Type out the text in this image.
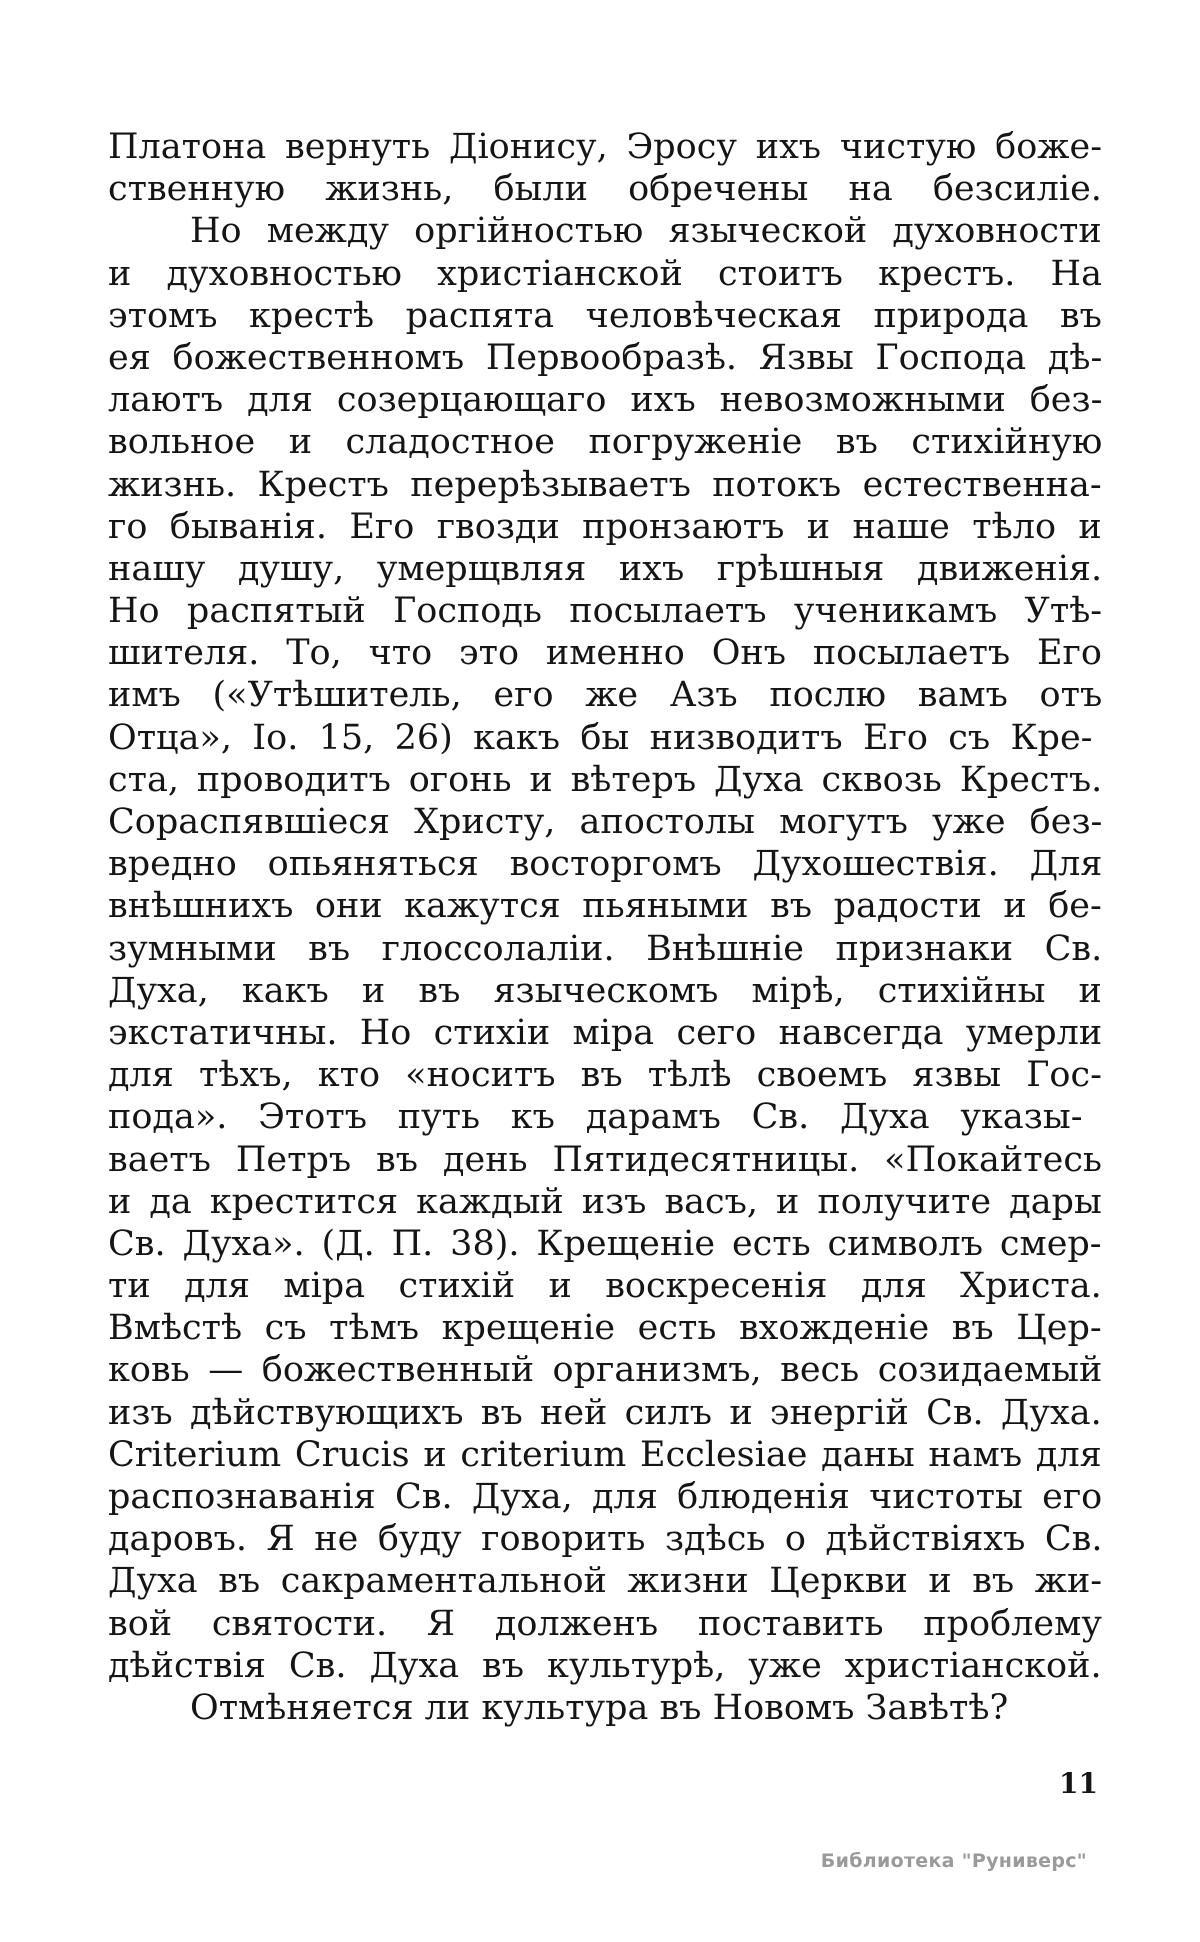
Платона вернуть Діонису, Эросу ихъ чистую боже-
ственную жизнь, были обречены на безсиліе.
Но между оргійностью языческой духовности
и духовностью христіанской стоитъ крестъ. На
этомъ крестѣ распята человѣческая природа въ
ея божественномъ Первообразѣ. Язвы Господа дѣ-
лаютъ для созерцающаго ихъ невозможными без-
вольное и сладостное погруженіе въ стихійную
жизнь. Крестъ перерѣзываетъ потокъ естественна-
го быванія. Его гвозди пронзаютъ и наше тѣло и
нашу душу, умерщвляя ихъ грѣшныя движенія.
Но распятый Господь посылаетъ ученикамъ Утѣ-
шителя. То, что это именно Онъ посылаетъ Его
имъ («Утѣшитель, его же Азъ послю вамъ отъ
Отца», Іо. 15, 26) какъ бы низводитъ Его съ Кре-
ста, проводитъ огонь и вѣтеръ Духа сквозь Крестъ.
Сораспявшіеся Христу, апостолы могутъ уже без-
вредно опьяняться восторгомъ Духошествія. Для
внѣшнихъ они кажутся пьяными въ радости и бе-
зумными въ глоссолаліи. Внѣшніе признаки Св.
Духа, какъ и въ языческомъ мірѣ, стихійны и
экстатичны. Но стихіи міра сего навсегда умерли
для тѣхъ, кто «носитъ въ тѣлѣ своемъ язвы Гос-
пода». Этотъ путь къ дарамъ Св. Духа указы-
ваетъ Петръ въ день Пятидесятницы. «Покайтесь
и да крестится каждый изъ васъ, и получите дары
Св. Духа». (Д. П. 38). Крещеніе есть символъ смер-
ти для міра стихій и воскресенія для Христа.
Вмѣстѣ съ тѣмъ крещеніе есть вхожденіе въ Цер-
ковь — божественный организмъ, весь созидаемый
изъ дѣйствующихъ въ ней силъ и энергій Св. Духа.
Criterium Crucis и criterium Ecclesiae даны намъ для
распознаванія Св. Духа, для блюденія чистоты его
даровъ. Я не буду говорить здѣсь о дѣйствіяхъ Св.
Духа въ сакраментальной жизни Церкви и въ жи-
вой святости. Я долженъ поставить проблему
дѣйствія Св. Духа въ культурѣ, уже христіанской.
Отмѣняется ли культура въ Новомъ Завѣтѣ?
11
Библиотека "Руниверс"
